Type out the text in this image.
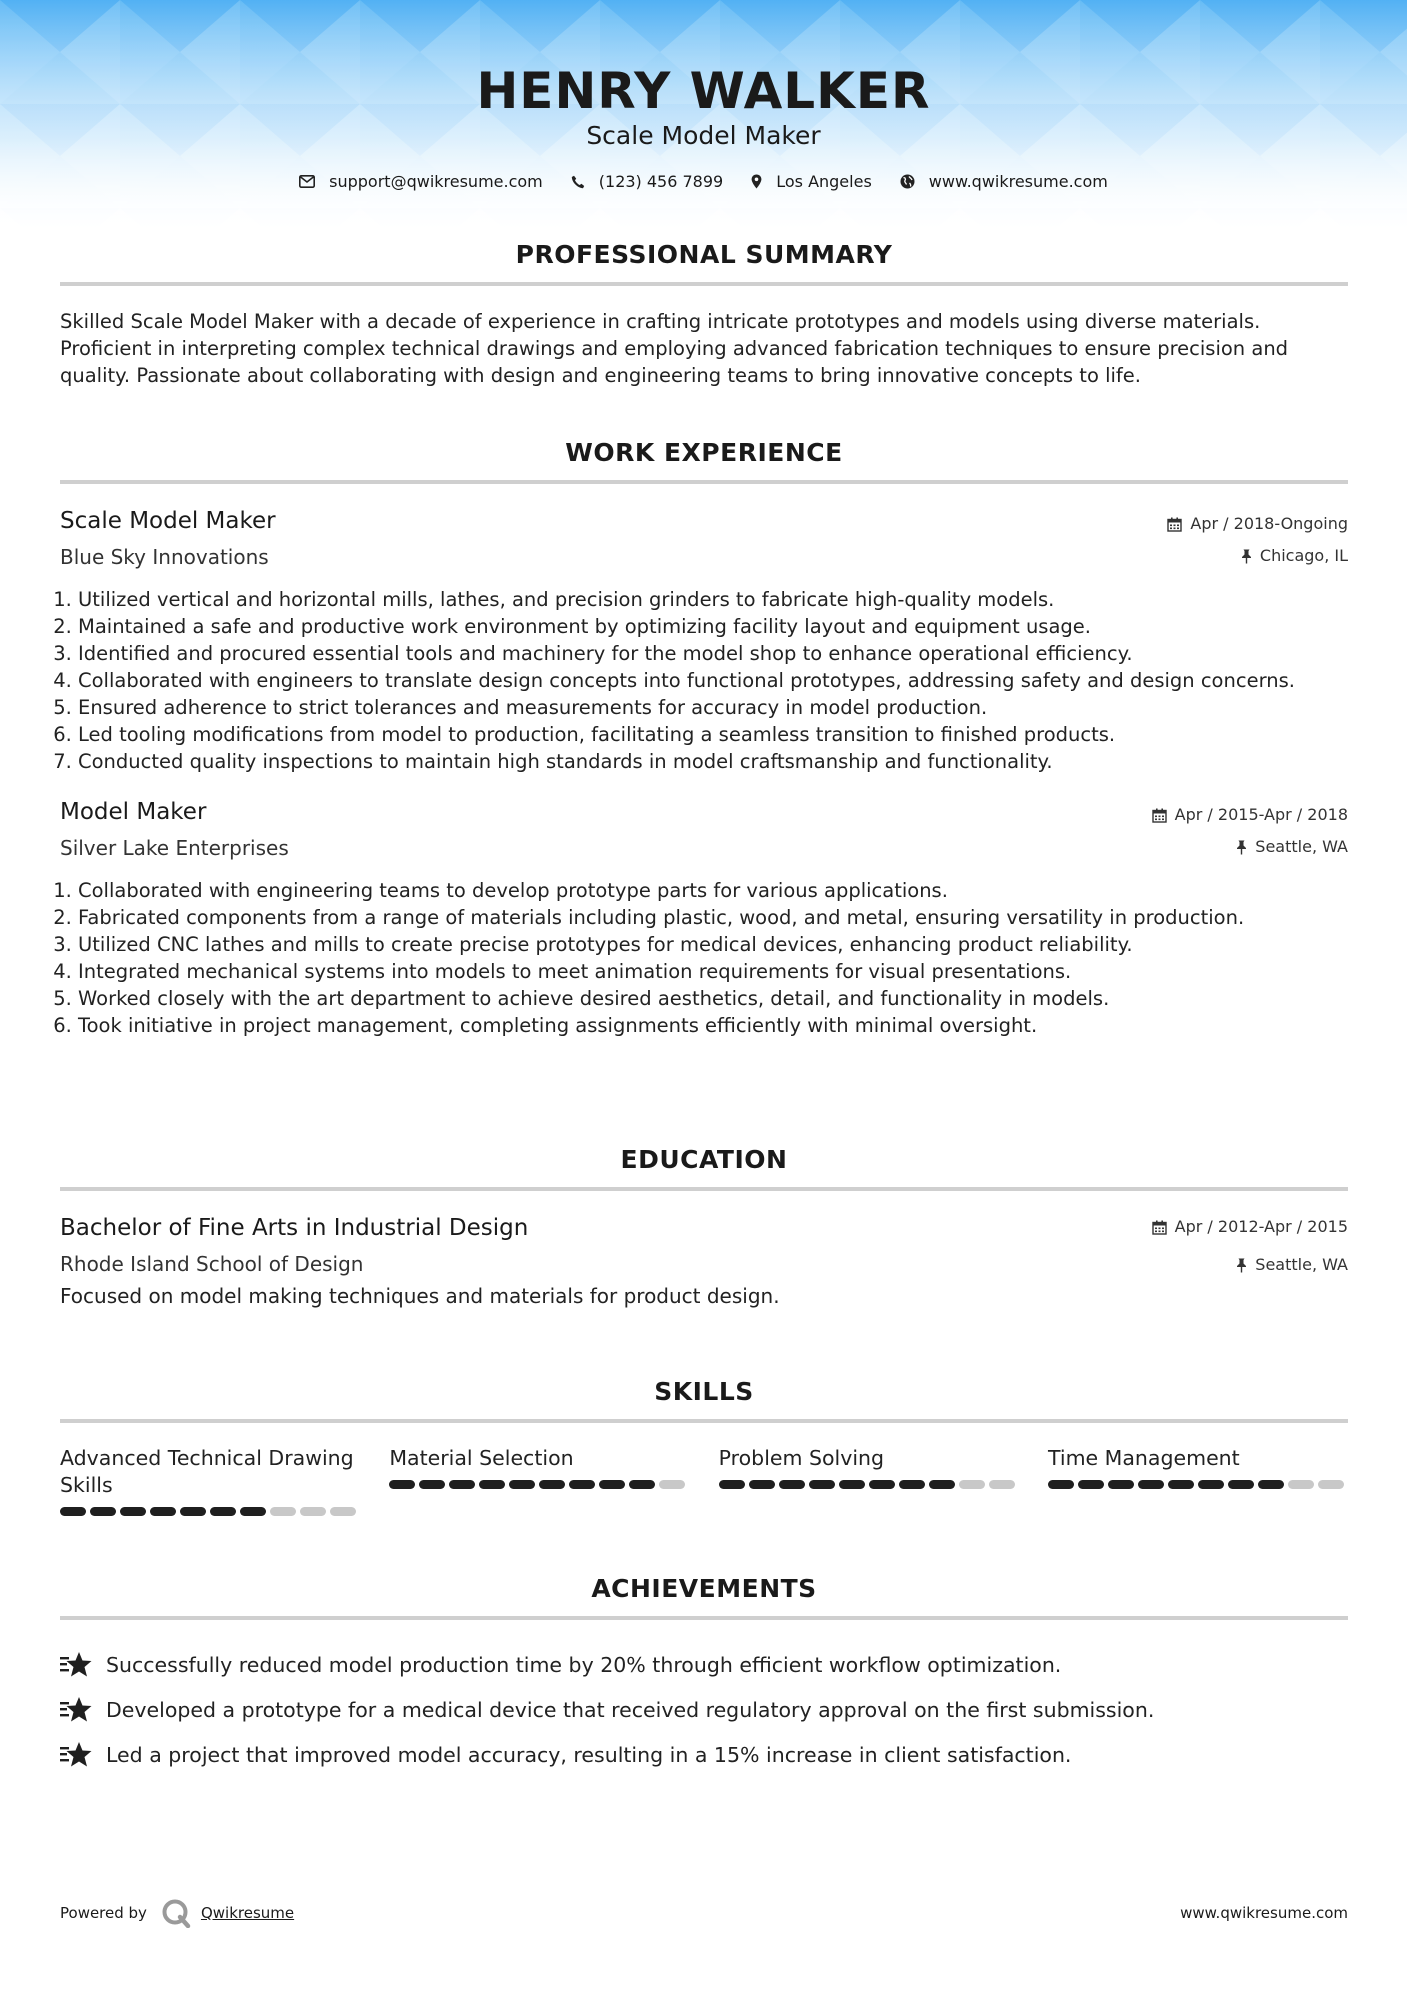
HENRY WALKER
Scale Model Maker
support@qwikresume.com	(123) 456 7899	Los Angeles	www.qwikresume.com
PROFESSIONAL SUMMARY
Skilled Scale Model Maker with a decade of experience in crafting intricate prototypes and models using diverse materials. Proficient in interpreting complex technical drawings and employing advanced fabrication techniques to ensure precision and quality. Passionate about collaborating with design and engineering teams to bring innovative concepts to life.
WORK EXPERIENCE
Scale Model Maker
Blue Sky Innovations
Apr / 2018-Ongoing
Chicago, IL
1. Utilized vertical and horizontal mills, lathes, and precision grinders to fabricate high-quality models.
2. Maintained a safe and productive work environment by optimizing facility layout and equipment usage.
3. Identified and procured essential tools and machinery for the model shop to enhance operational efficiency.
4. Collaborated with engineers to translate design concepts into functional prototypes, addressing safety and design concerns.
5. Ensured adherence to strict tolerances and measurements for accuracy in model production.
6. Led tooling modifications from model to production, facilitating a seamless transition to finished products.
7. Conducted quality inspections to maintain high standards in model craftsmanship and functionality.
Model Maker
Silver Lake Enterprises
Apr / 2015-Apr / 2018
Seattle, WA
1. Collaborated with engineering teams to develop prototype parts for various applications.
2. Fabricated components from a range of materials including plastic, wood, and metal, ensuring versatility in production.
3. Utilized CNC lathes and mills to create precise prototypes for medical devices, enhancing product reliability.
4. Integrated mechanical systems into models to meet animation requirements for visual presentations.
5. Worked closely with the art department to achieve desired aesthetics, detail, and functionality in models.
6. Took initiative in project management, completing assignments efficiently with minimal oversight.
EDUCATION
Bachelor of Fine Arts in Industrial Design
Rhode Island School of Design
Apr / 2012-Apr / 2015
Seattle, WA
Focused on model making techniques and materials for product design.
SKILLS
Advanced Technical Drawing Skills
Material Selection	Problem Solving	Time Management
ACHIEVEMENTS
Successfully reduced model production time by 20% through efficient workflow optimization.
Developed a prototype for a medical device that received regulatory approval on the first submission.
Led a project that improved model accuracy, resulting in a 15% increase in client satisfaction.
Powered by	Qwikresume	www.qwikresume.com
